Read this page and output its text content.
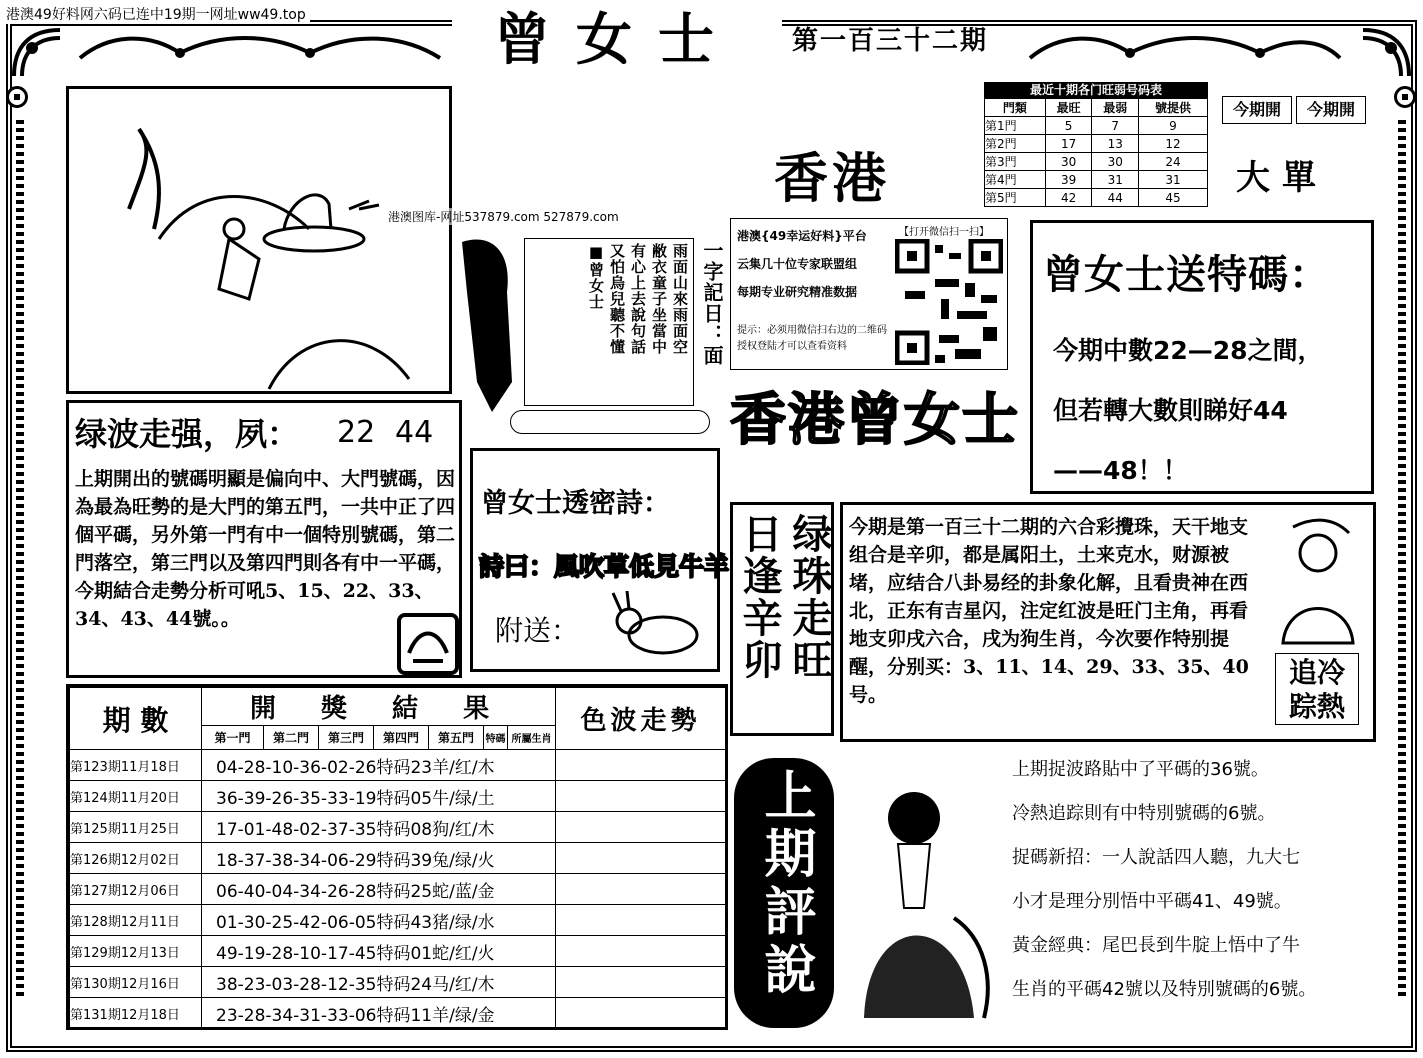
港澳49好料网六码已连中19期一网址ww49.top	曾女士	第一百三十二期
港澳图库-网址537879.com 527879.com
雨面山來雨面空
敝衣童子坐當中
有心上去說句話
又怕烏兒聽不懂
■曾女士	一字記日：面
港澳{49幸运好料}平台
云集几十位专家联盟组
每期专业研究精准数据
提示：必须用微信扫右边的二维码授权登陆才可以查看资料
【打开微信扫一扫】
香港
香港曾女士
最近十期各门旺弱号码表
門類	最旺	最弱	號提供
第1門	5	7	9
第2門	17	13	12
第3門	30	30	24
第4門	39	31	31
第5門	42	44	45
今期開	今期開
大單
曾女士送特碼：
今期中數22—28之間，
但若轉大數則睇好44
——48！！
绿波走强，夙： 22 44
上期開出的號碼明顯是偏向中、大門號碼，因為最為旺勢的是大門的第五門，一共中正了四個平碼，另外第一門有中一個特別號碼，第二門落空，第三門以及第四門則各有中一平碼，今期結合走勢分析可吼5、15、22、33、34、43、44號。。
曾女士透密詩：
詩曰：風吹草低見牛羊
附送：	绿珠走旺
日逢辛卯	今期是第一百三十二期的六合彩攪珠，天干地支组合是辛卯，都是属阳土，土来克水，财源被堵，应结合八卦易经的卦象化解，且看贵神在西北，正东有吉星闪，注定红波是旺门主角，再看地支卯戌六合，戌为狗生肖，今次要作特别提醒，分别买：3、11、14、29、33、35、40号。
追冷踪熱
期 數	開 獎 結 果							色波走勢
	第一門	第二門	第三門	第四門	第五門	特碼	所屬生肖	
第123期11月18日	04-28-10-36-02-26特码23羊/红/木							
第124期11月20日	36-39-26-35-33-19特码05牛/绿/土							
第125期11月25日	17-01-48-02-37-35特码08狗/红/木							
第126期12月02日	18-37-38-34-06-29特码39兔/绿/火							
第127期12月06日	06-40-04-34-26-28特码25蛇/蓝/金							
第128期12月11日	01-30-25-42-06-05特码43猪/绿/水							
第129期12月13日	49-19-28-10-17-45特码01蛇/红/火							
第130期12月16日	38-23-03-28-12-35特码24马/红/木							
第131期12月18日	23-28-34-31-33-06特码11羊/绿/金							
上期評說	上期捉波路貼中了平碼的36號。
冷熱追踪則有中特別號碼的6號。
捉碼新招：一人說話四人聽，九大七
小才是理分別悟中平碼41、49號。
黃金經典：尾巴長到牛腚上悟中了牛
生肖的平碼42號以及特別號碼的6號。
